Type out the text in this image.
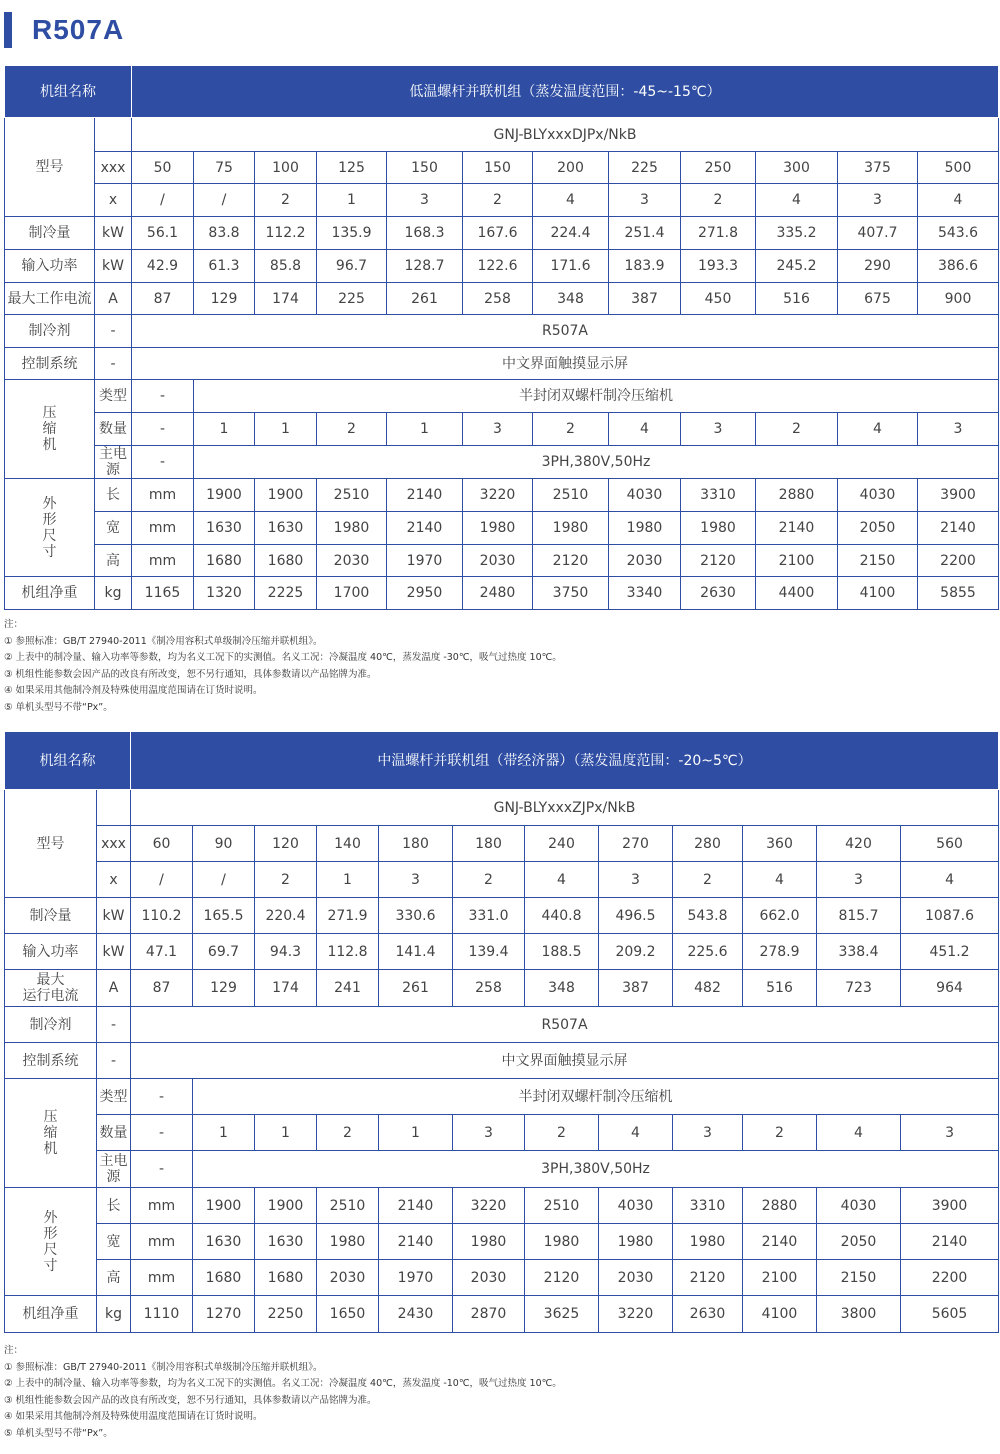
R507A
机组名称		低温螺杆并联机组（蒸发温度范围：-45~-15℃）												
型号		GNJ-BLYxxxDJPx/NkB												
	xxx	50	75	100	125	150	150	200	225	250	300	375	500	
	x	/	/	2	1	3	2	4	3	2	4	3	4	
制冷量	kW	56.1	83.8	112.2	135.9	168.3	167.6	224.4	251.4	271.8	335.2	407.7	543.6	
输入功率	kW	42.9	61.3	85.8	96.7	128.7	122.6	171.6	183.9	193.3	245.2	290	386.6	
最大工作电流	A	87	129	174	225	261	258	348	387	450	516	675	900	
制冷剂	-	R507A												
控制系统	-	中文界面触摸显示屏												

压
缩
机	类型	-	半封闭双螺杆制冷压缩机											
	数量	-	1	1	2	1	3	2	4	3	2	4	3	
	主电源	-	3PH,380V,50Hz											

外
形
尺
寸	长	mm	1900	1900	2510	2140	3220	2510	4030	3310	2880	4030	3900	
	宽	mm	1630	1630	1980	2140	1980	1980	1980	1980	2140	2050	2140	
	高	mm	1680	1680	2030	1970	2030	2120	2030	2120	2100	2150	2200	
机组净重	kg	1165	1320	2225	1700	2950	2480	3750	3340	2630	4400	4100	5855	
注：
① 参照标准：GB/T 27940-2011《制冷用容积式单级制冷压缩并联机组》。
② 上表中的制冷量、输入功率等参数，均为名义工况下的实测值。名义工况：冷凝温度 40℃，蒸发温度 -30℃，吸气过热度 10℃。
③ 机组性能参数会因产品的改良有所改变，恕不另行通知，具体参数请以产品铭牌为准。
④ 如果采用其他制冷剂及特殊使用温度范围请在订货时说明。
⑤ 单机头型号不带“Px”。
机组名称		中温螺杆并联机组（带经济器）（蒸发温度范围：-20~5℃）												
型号		GNJ-BLYxxxZJPx/NkB												
	xxx	60	90	120	140	180	180	240	270	280	360	420	560	
	x	/	/	2	1	3	2	4	3	2	4	3	4	
制冷量	kW	110.2	165.5	220.4	271.9	330.6	331.0	440.8	496.5	543.8	662.0	815.7	1087.6	
输入功率	kW	47.1	69.7	94.3	112.8	141.4	139.4	188.5	209.2	225.6	278.9	338.4	451.2	

最大
运行电流	A	87	129	174	241	261	258	348	387	482	516	723	964	
制冷剂	-	R507A												
控制系统	-	中文界面触摸显示屏												

压
缩
机	类型	-	半封闭双螺杆制冷压缩机											
	数量	-	1	1	2	1	3	2	4	3	2	4	3	
	主电源	-	3PH,380V,50Hz											

外
形
尺
寸	长	mm	1900	1900	2510	2140	3220	2510	4030	3310	2880	4030	3900	
	宽	mm	1630	1630	1980	2140	1980	1980	1980	1980	2140	2050	2140	
	高	mm	1680	1680	2030	1970	2030	2120	2030	2120	2100	2150	2200	
机组净重	kg	1110	1270	2250	1650	2430	2870	3625	3220	2630	4100	3800	5605	
注：
① 参照标准：GB/T 27940-2011《制冷用容积式单级制冷压缩并联机组》。
② 上表中的制冷量、输入功率等参数，均为名义工况下的实测值。名义工况：冷凝温度 40℃，蒸发温度 -10℃，吸气过热度 10℃。
③ 机组性能参数会因产品的改良有所改变，恕不另行通知，具体参数请以产品铭牌为准。
④ 如果采用其他制冷剂及特殊使用温度范围请在订货时说明。
⑤ 单机头型号不带“Px”。
